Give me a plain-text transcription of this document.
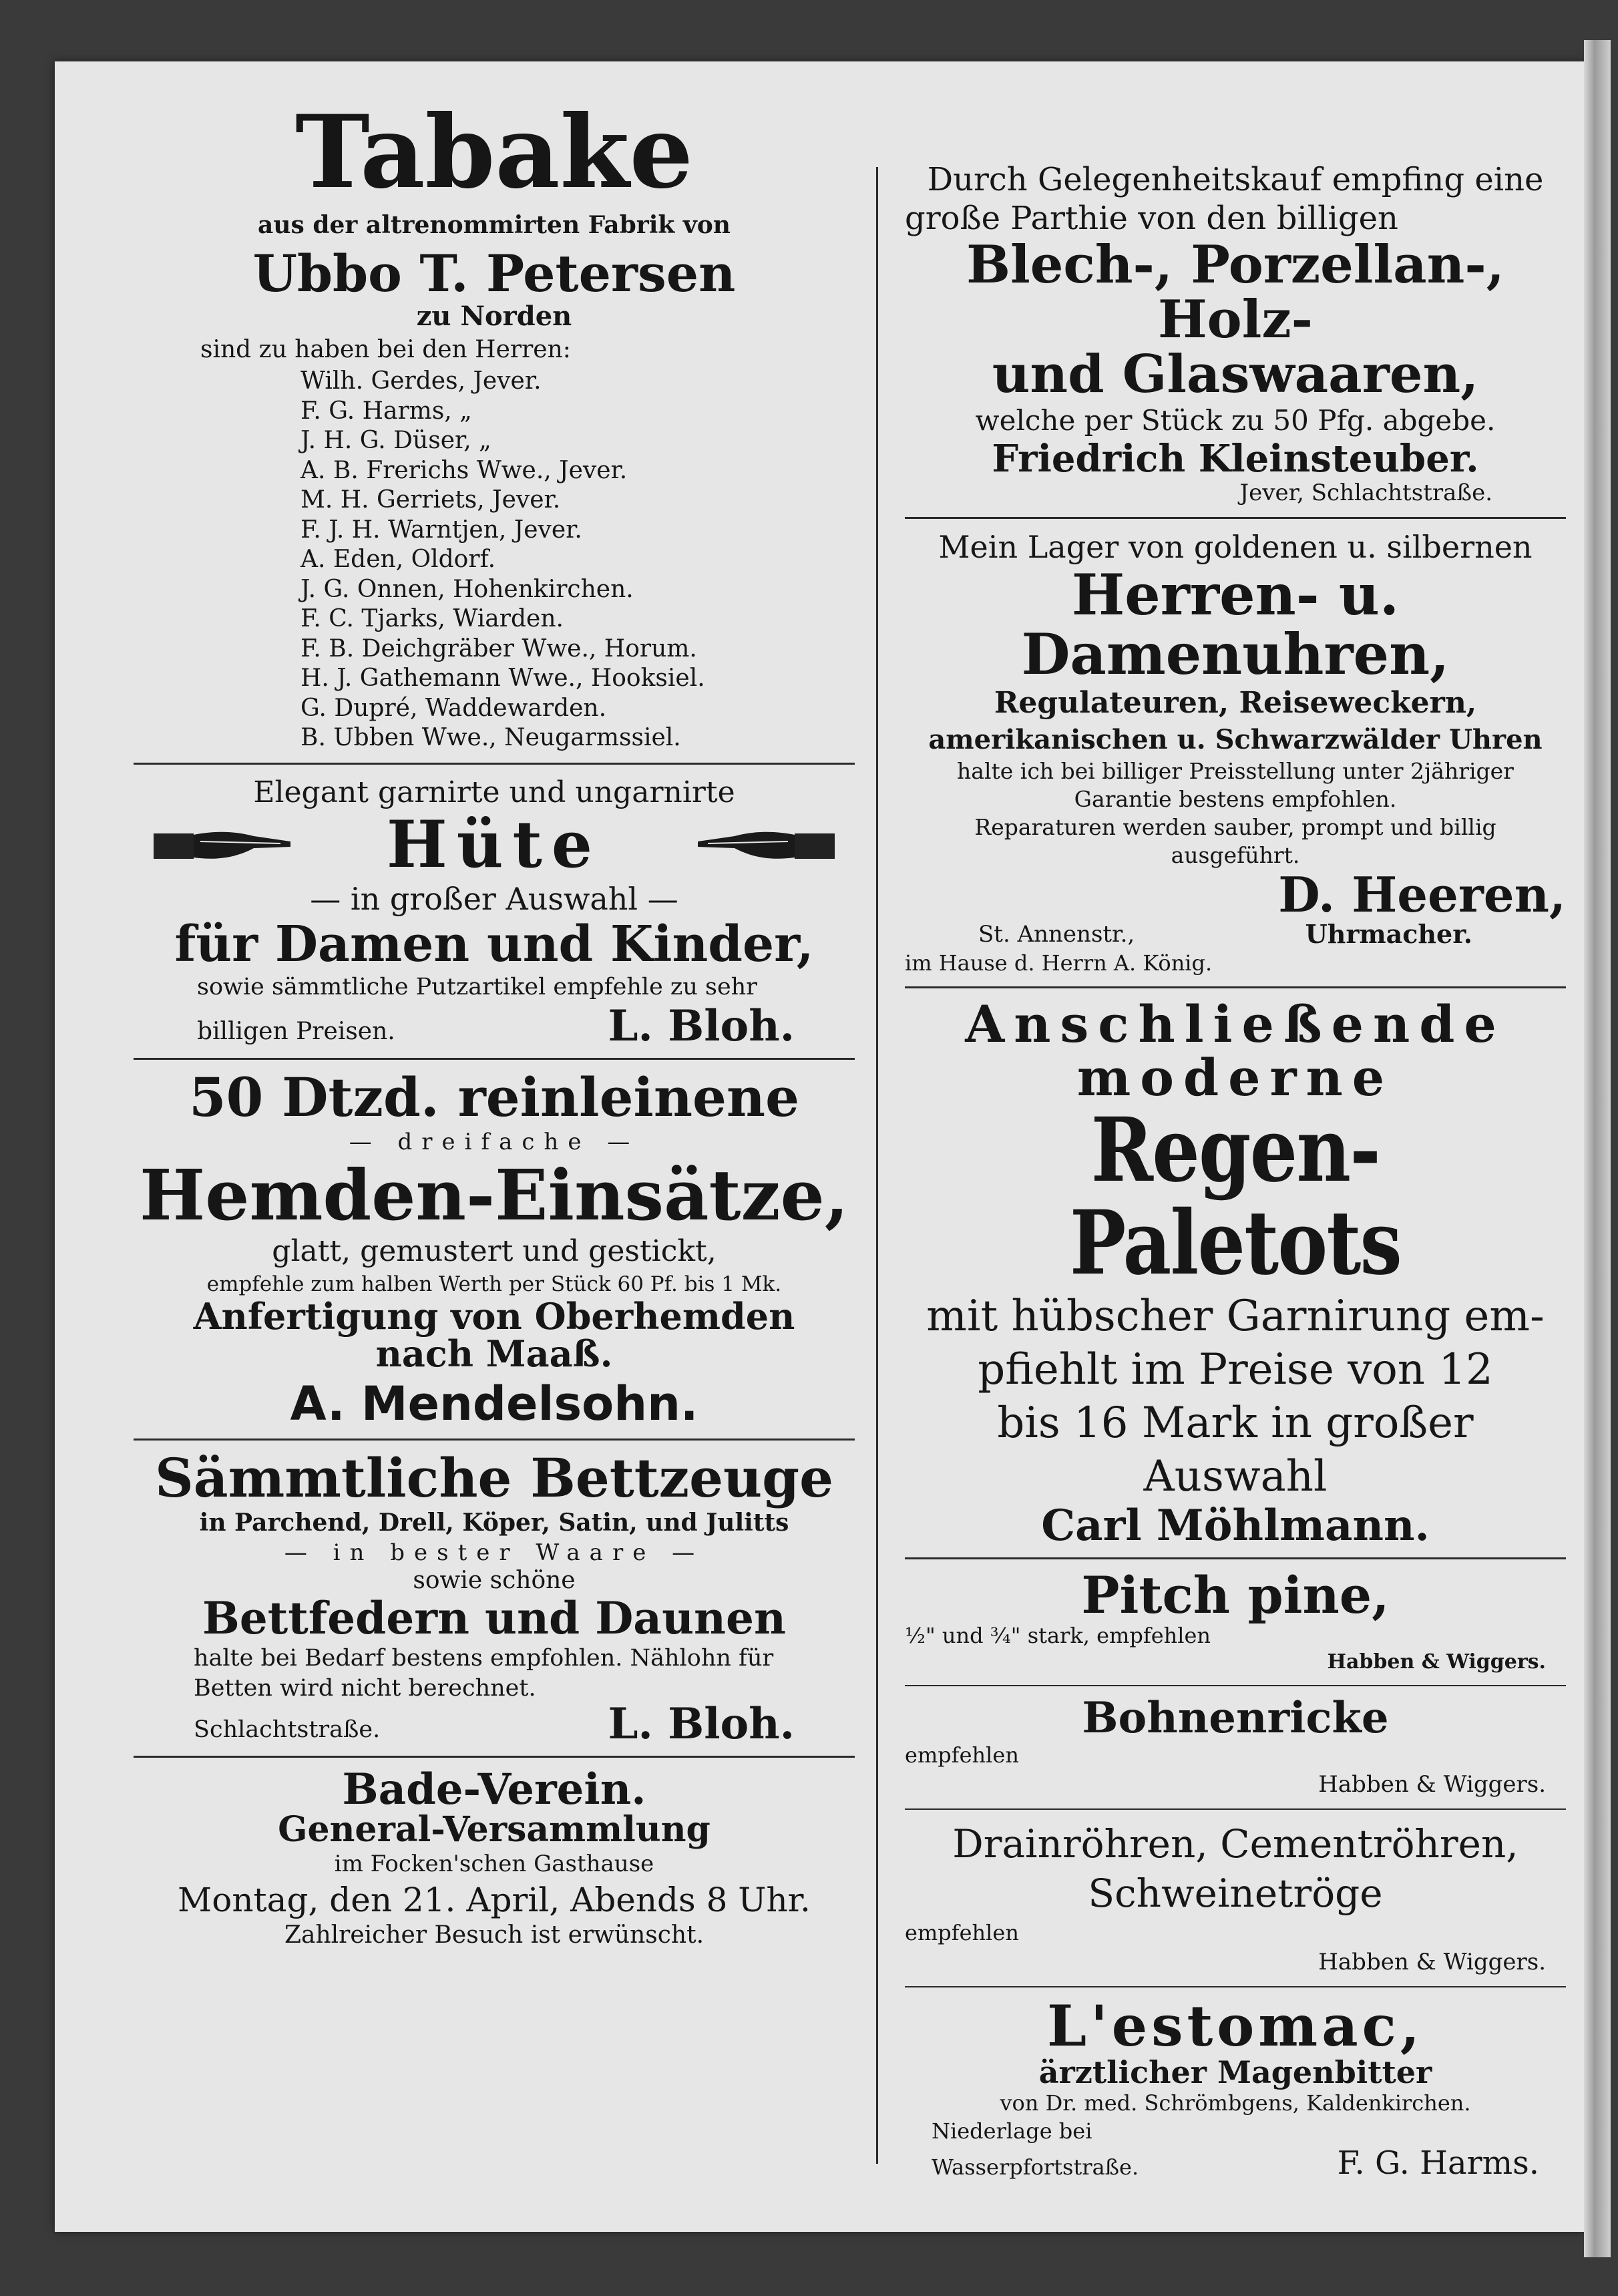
Tabake

aus der altrenommirten Fabrik von

Ubbo T. Petersen

zu Norden

sind zu haben bei den Herren:

Wilh. Gerdes, Jever.

F. G. Harms, „

J. H. G. Düser, „

A. B. Frerichs Wwe., Jever.

M. H. Gerriets, Jever.

F. J. H. Warntjen, Jever.

A. Eden, Oldorf.

J. G. Onnen, Hohenkirchen.

F. C. Tjarks, Wiarden.

F. B. Deichgräber Wwe., Horum.

H. J. Gathemann Wwe., Hooksiel.

G. Dupré, Waddewarden.

B. Ubben Wwe., Neugarmssiel.

Elegant garnirte und ungarnirte

Hüte

— in großer Auswahl —

für Damen und Kinder,

sowie sämmtliche Putzartikel empfehle zu sehr

billigen Preisen.	L. Bloh.

50 Dtzd. reinleinene

— dreifache —

Hemden-Einsätze,

glatt, gemustert und gestickt,

empfehle zum halben Werth per Stück 60 Pf. bis 1 Mk.

Anfertigung von Oberhemden

nach Maaß.

A. Mendelsohn.

Sämmtliche Bettzeuge

in Parchend, Drell, Köper, Satin, und Julitts

— in bester Waare —

sowie schöne

Bettfedern und Daunen

halte bei Bedarf bestens empfohlen. Nählohn für

Betten wird nicht berechnet.

Schlachtstraße.	L. Bloh.

Bade-Verein.

General-Versammlung

im Focken'schen Gasthause

Montag, den 21. April, Abends 8 Uhr.

Zahlreicher Besuch ist erwünscht.

Durch Gelegenheitskauf empfing eine

große Parthie von den billigen

Blech-, Porzellan-, Holz-

und Glaswaaren,

welche per Stück zu 50 Pfg. abgebe.

Friedrich Kleinsteuber.

Jever, Schlachtstraße.

Mein Lager von goldenen u. silbernen

Herren- u. Damenuhren,

Regulateuren, Reisewеckern,

amerikanischen u. Schwarzwälder Uhren

halte ich bei billiger Preisstellung unter 2jähriger

Garantie bestens empfohlen.

Reparaturen werden sauber, prompt und billig

ausgeführt.

D. Heeren,

St. Annenstr.,	Uhrmacher.

im Hause d. Herrn A. König.

Anschließende moderne

Regen-Paletots

mit hübscher Garnirung em-

pfiehlt im Preise von 12

bis 16 Mark in großer

Auswahl

Carl Möhlmann.

Pitch pine,

½" und ¾" stark, empfehlen

Habben & Wiggers.

Bohnenricke

empfehlen

Habben & Wiggers.

Drainröhren, Cementröhren,

Schweinetröge

empfehlen

Habben & Wiggers.

L'estomac,

ärztlicher Magenbitter

von Dr. med. Schrömbgens, Kaldenkirchen.

Niederlage bei

Wasserpfortstraße.	F. G. Harms.
